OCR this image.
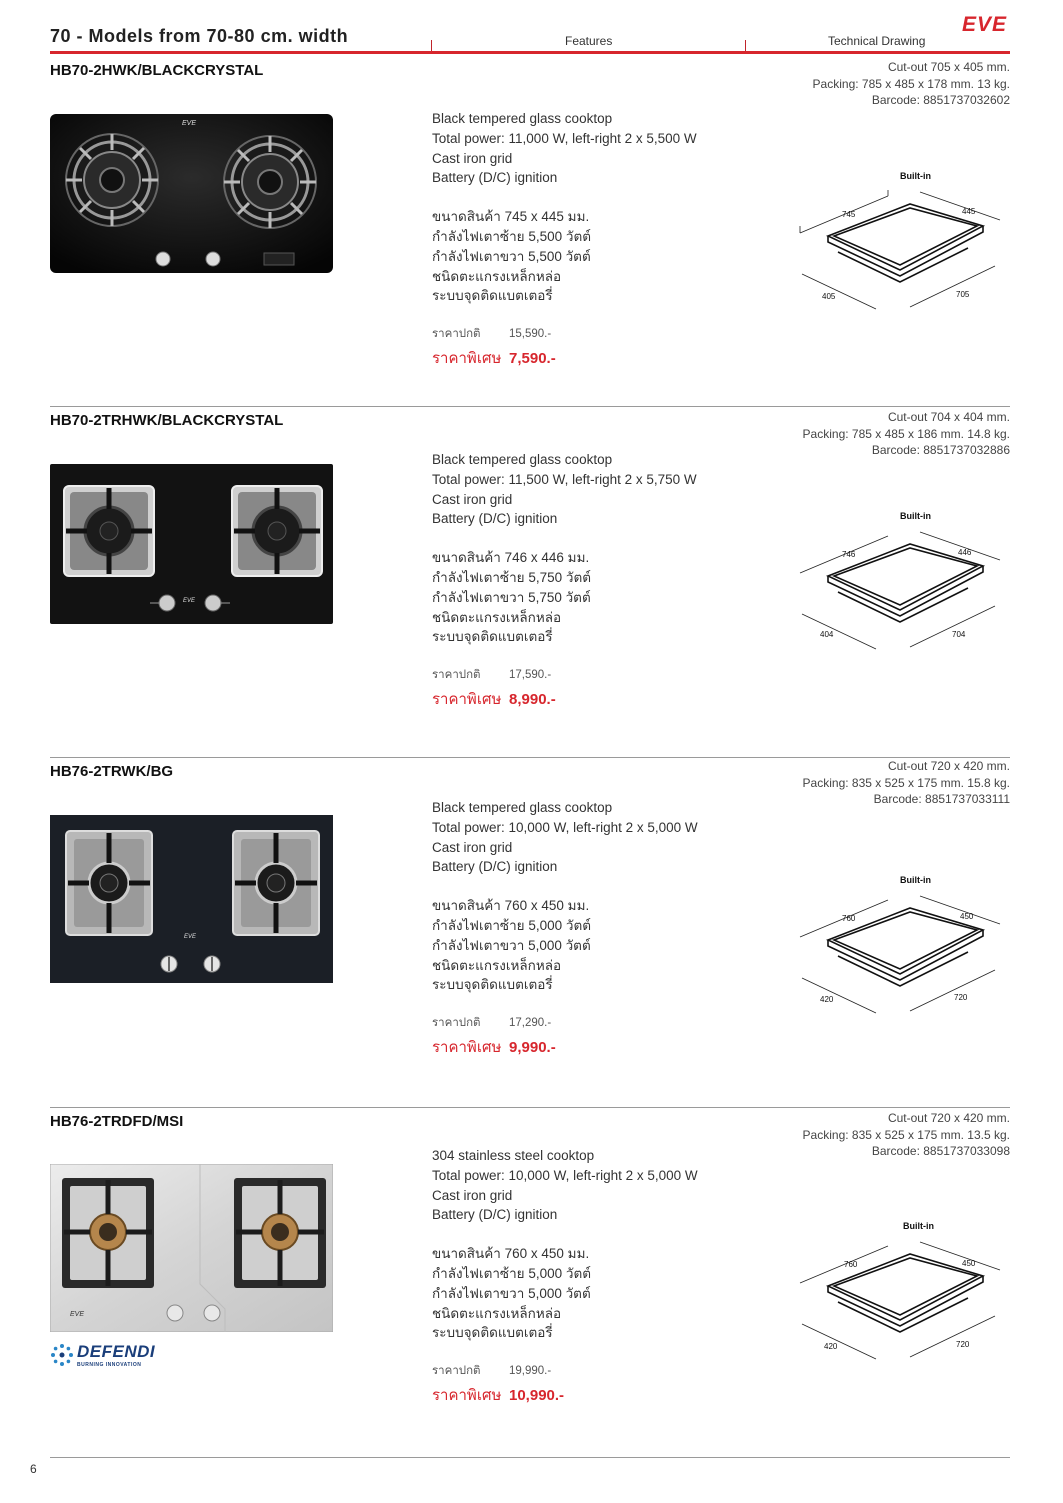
70 - Models from 70-80 cm. width	Features	Technical Drawing
EVE
HB70-2HWK/BLACKCRYSTAL	Cut-out 705 x 405 mm.
Packing: 785 x 485 x 178 mm. 13 kg.
Barcode: 8851737032602
EVE	Black tempered glass cooktop
Total power: 11,000 W, left-right 2 x 5,500 W
Cast iron grid
Battery (D/C) ignition
ขนาดสินค้า 745 x 445 มม.
กำลังไฟเตาซ้าย 5,500 วัตต์
กำลังไฟเตาขวา 5,500 วัตต์
ชนิดตะแกรงเหล็กหล่อ
ระบบจุดติดแบตเตอรี่
ราคาปกติ	15,590.-
ราคาพิเศษ 7,590.-
Built-in
745	445
405	705
HB70-2TRHWK/BLACKCRYSTAL	Cut-out 704 x 404 mm.
Packing: 785 x 485 x 186 mm. 14.8 kg.
Barcode: 8851737032886
EVE
Black tempered glass cooktop
Total power: 11,500 W, left-right 2 x 5,750 W
Cast iron grid
Battery (D/C) ignition
ขนาดสินค้า 746 x 446 มม.
กำลังไฟเตาซ้าย 5,750 วัตต์
กำลังไฟเตาขวา 5,750 วัตต์
ชนิดตะแกรงเหล็กหล่อ
ระบบจุดติดแบตเตอรี่
ราคาปกติ	17,590.-
ราคาพิเศษ 8,990.-
Built-in
746	446
404	704
HB76-2TRWK/BG	Cut-out 720 x 420 mm.
Packing: 835 x 525 x 175 mm. 15.8 kg.
Barcode: 8851737033111
EVE
Black tempered glass cooktop
Total power: 10,000 W, left-right 2 x 5,000 W
Cast iron grid
Battery (D/C) ignition
ขนาดสินค้า 760 x 450 มม.
กำลังไฟเตาซ้าย 5,000 วัตต์
กำลังไฟเตาขวา 5,000 วัตต์
ชนิดตะแกรงเหล็กหล่อ
ระบบจุดติดแบตเตอรี่
ราคาปกติ	17,290.-
ราคาพิเศษ 9,990.-
Built-in
760	450
420	720
HB76-2TRDFD/MSI	Cut-out 720 x 420 mm.
Packing: 835 x 525 x 175 mm. 13.5 kg.
Barcode: 8851737033098
EVE
DEFENDI
BURNING INNOVATION
304 stainless steel cooktop
Total power: 10,000 W, left-right 2 x 5,000 W
Cast iron grid
Battery (D/C) ignition
ขนาดสินค้า 760 x 450 มม.
กำลังไฟเตาซ้าย 5,000 วัตต์
กำลังไฟเตาขวา 5,000 วัตต์
ชนิดตะแกรงเหล็กหล่อ
ระบบจุดติดแบตเตอรี่
ราคาปกติ	19,990.-
ราคาพิเศษ 10,990.-
Built-in
760	450
420	720
6
